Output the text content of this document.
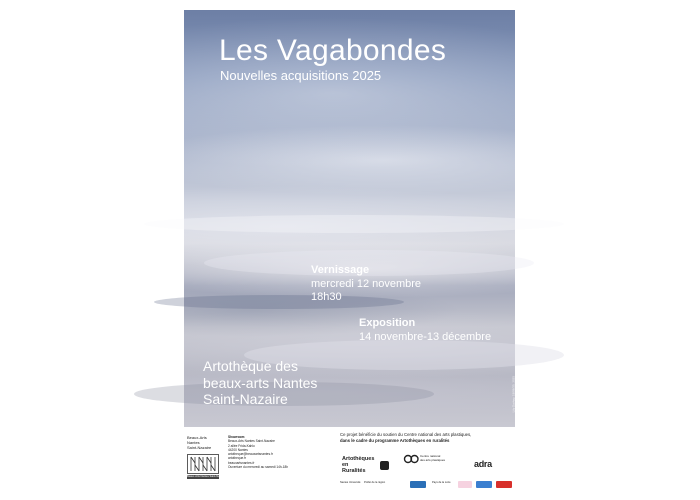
Les Vagabondes
Nouvelles acquisitions 2025
Vernissage
mercredi 12 novembre
18h30
Exposition
14 novembre-13 décembre
Artothèque des
beaux-arts Nantes
Saint-Nazaire	Lily Dathay, 18/08/25, 2025
Beaux-Arts
Nantes
Saint-Nazaire
Beaux-Arts Nantes Saint-Nazaire
Showroom
Beaux-Arts Nantes Saint-Nazaire
2 allée Frida-Kahlo
44200 Nantes
artotheque@beauxartsnantes.fr
artotheque.fr
beauxartsnantes.fr
Ouverture du mercredi au samedi 14h-18h
Ce projet bénéficie du soutien du Centre national des arts plastiques,
dans le cadre du programme Artothèques en ruralités
Artothèques
en
Ruralités
Centre national
des arts plastiques	adra
Nantes Université Préfet de la région	Pays de la Loire
